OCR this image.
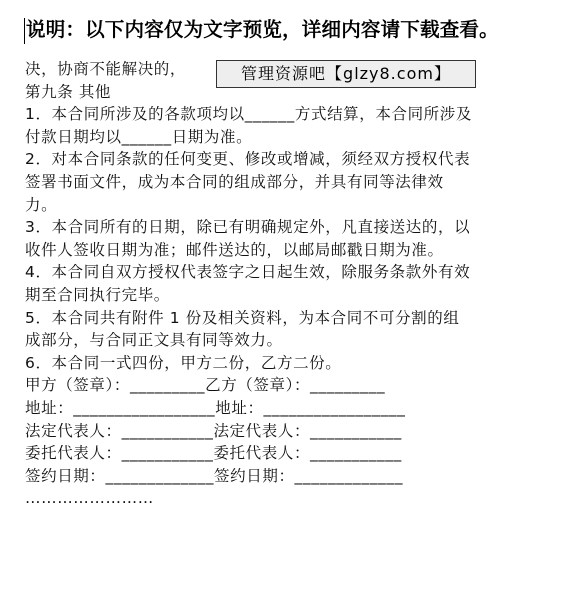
说明：以下内容仅为文字预览，详细内容请下载查看。

决，协商不能解决的，

第九条 其他

1．本合同所涉及的各款项均以______方式结算，本合同所涉及

付款日期均以______日期为准。

2．对本合同条款的任何变更、修改或增减，须经双方授权代表

签署书面文件，成为本合同的组成部分，并具有同等法律效

力。

3．本合同所有的日期，除已有明确规定外，凡直接送达的，以

收件人签收日期为准；邮件送达的，以邮局邮戳日期为准。

4．本合同自双方授权代表签字之日起生效，除服务条款外有效

期至合同执行完毕。

5．本合同共有附件 1 份及相关资料，为本合同不可分割的组

成部分，与合同正文具有同等效力。

6．本合同一式四份，甲方二份，乙方二份。

甲方（签章）：_________乙方（签章）：_________

地址：_________________地址：_________________

法定代表人：___________法定代表人：___________

委托代表人：___________委托代表人：___________

签约日期：_____________签约日期：_____________

……………………

管理资源吧【glzy8.com】
